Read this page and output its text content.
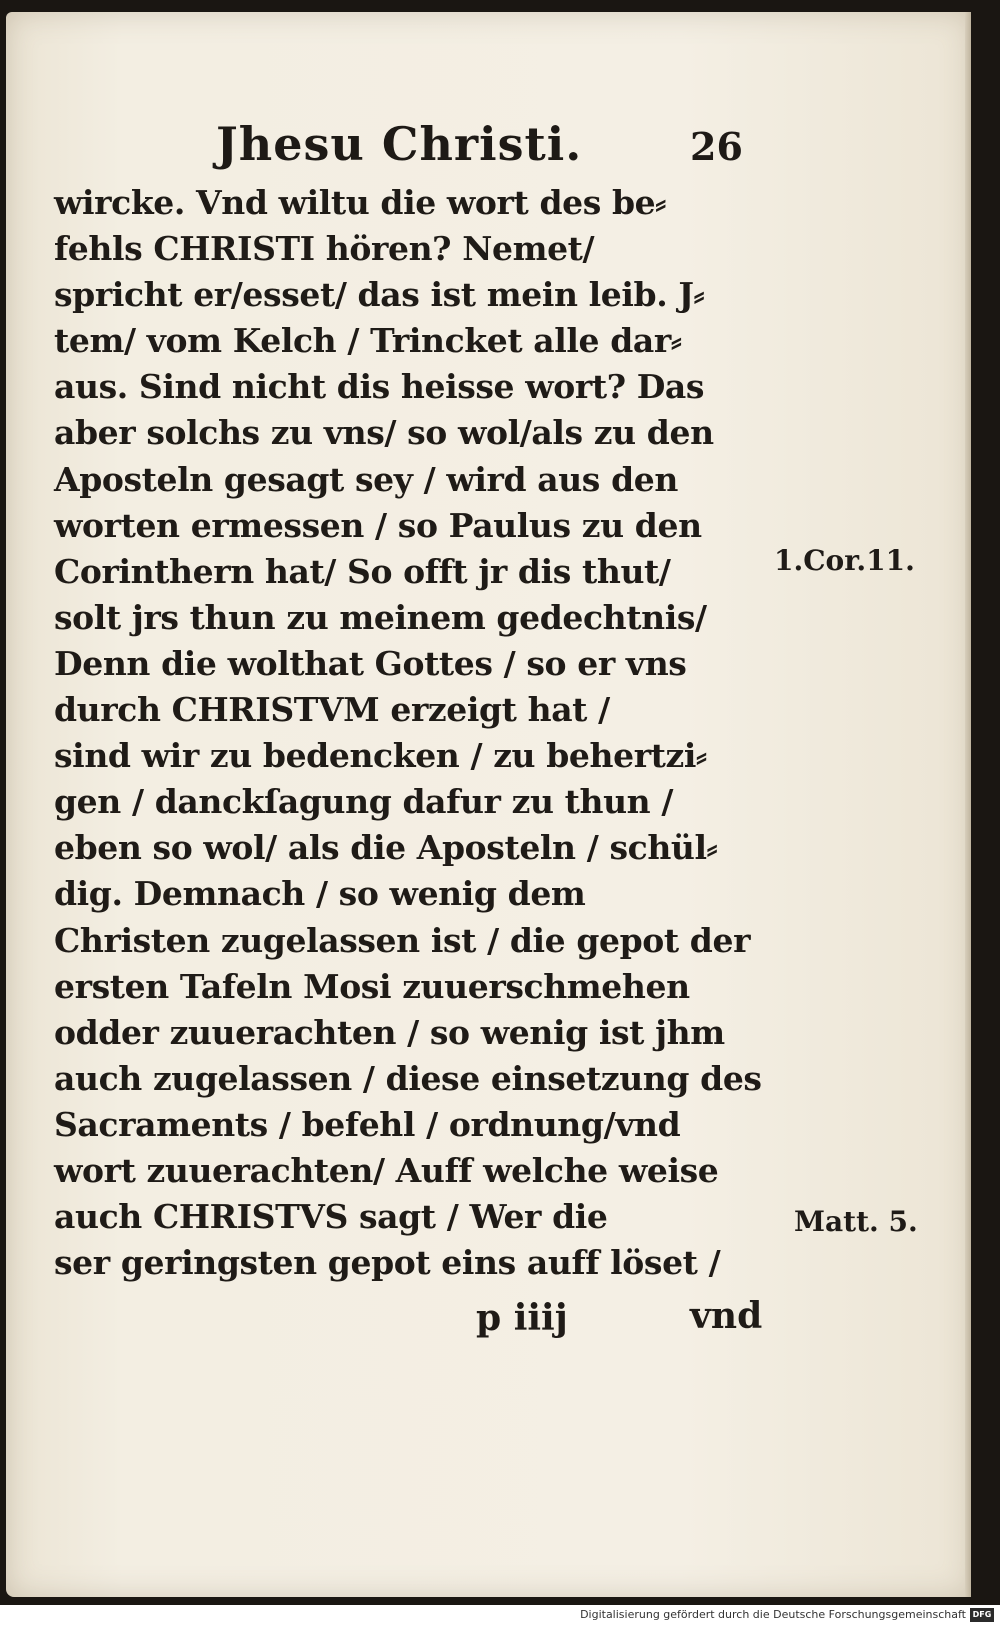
Jhesu Christi.	26
wircke. Vnd wiltu die wort des be⸗
fehls CHRISTI hören? Nemet/
spricht er/esset/ das ist mein leib. J⸗
tem/ vom Kelch / Trincket alle dar⸗
aus. Sind nicht dis heisse wort? Das
aber solchs zu vns/ so wol/als zu den
Aposteln gesagt sey / wird aus den
worten ermessen / so Paulus zu den
Corinthern hat/ So offt jr dis thut/
solt jrs thun zu meinem gedechtnis/
Denn die wolthat Gottes / so er vns
durch CHRISTVM erzeigt hat /
sind wir zu bedencken / zu behertzi⸗
gen / danckſagung dafur zu thun /
eben so wol/ als die Aposteln / schül⸗
dig. Demnach / so wenig dem
Christen zugelassen ist / die gepot der
ersten Tafeln Mosi zuuerschmehen
odder zuuerachten / so wenig ist jhm
auch zugelassen / diese einsetzung des
Sacraments / befehl / ordnung/vnd
wort zuuerachten/ Auff welche weise
auch CHRISTVS sagt / Wer die
ser geringsten gepot eins auff löset /
1.Cor.11.
Matt. 5.
p iiij	vnd
Digitalisierung gefördert durch die Deutsche Forschungsgemeinschaft DFG
